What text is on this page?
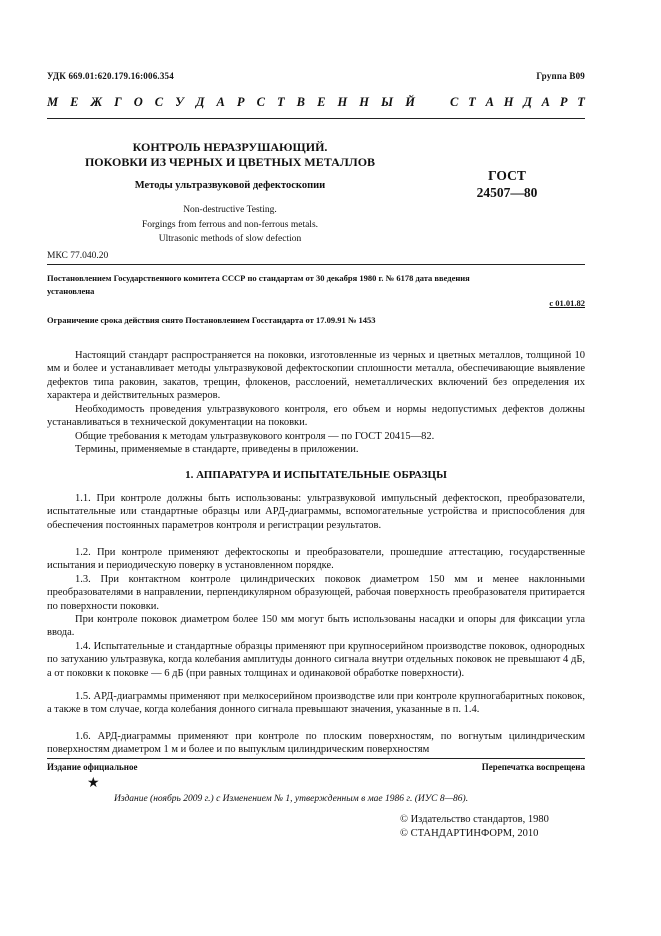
УДК 669.01:620.179.16:006.354	Группа В09
М Е Ж Г О С У Д А Р С Т В Е Н Н Ы Й	С Т А Н Д А Р Т
КОНТРОЛЬ НЕРАЗРУШАЮЩИЙ.
ПОКОВКИ ИЗ ЧЕРНЫХ И ЦВЕТНЫХ МЕТАЛЛОВ
Методы ультразвуковой дефектоскопии
ГОСТ
24507—80
Non-destructive Testing.
Forgings from ferrous and non-ferrous metals.
Ultrasonic methods of slow defection
МКС 77.040.20
Постановлением Государственного комитета СССР по стандартам от 30 декабря 1980 г. № 6178 дата введения
установлена
с 01.01.82
Ограничение срока действия снято Постановлением Госстандарта от 17.09.91 № 1453
Настоящий стандарт распространяется на поковки, изготовленные из черных и цветных металлов, толщиной 10 мм и более и устанавливает методы ультразвуковой дефектоскопии сплошности металла, обеспечивающие выявление дефектов типа раковин, закатов, трещин, флокенов, расслоений, неметаллических включений без определения их характера и действительных размеров.
Необходимость проведения ультразвукового контроля, его объем и нормы недопустимых дефектов должны устанавливаться в технической документации на поковки.
Общие требования к методам ультразвукового контроля — по ГОСТ 20415—82.
Термины, применяемые в стандарте, приведены в приложении.
1. АППАРАТУРА И ИСПЫТАТЕЛЬНЫЕ ОБРАЗЦЫ
1.1. При контроле должны быть использованы: ультразвуковой импульсный дефектоскоп, преобразователи, испытательные или стандартные образцы или АРД-диаграммы, вспомогательные устройства и приспособления для обеспечения постоянных параметров контроля и регистрации результатов.
1.2. При контроле применяют дефектоскопы и преобразователи, прошедшие аттестацию, государственные испытания и периодическую поверку в установленном порядке.
1.3. При контактном контроле цилиндрических поковок диаметром 150 мм и менее наклонными преобразователями в направлении, перпендикулярном образующей, рабочая поверхность преобразователя притирается по поверхности поковки.
При контроле поковок диаметром более 150 мм могут быть использованы насадки и опоры для фиксации угла ввода.
1.4. Испытательные и стандартные образцы применяют при крупносерийном производстве поковок, однородных по затуханию ультразвука, когда колебания амплитуды донного сигнала внутри отдельных поковок не превышают 4 дБ, а от поковки к поковке — 6 дБ (при равных толщинах и одинаковой обработке поверхности).
1.5. АРД-диаграммы применяют при мелкосерийном производстве или при контроле крупногабаритных поковок, а также в том случае, когда колебания донного сигнала превышают значения, указанные в п. 1.4.
1.6. АРД-диаграммы применяют при контроле по плоским поверхностям, по вогнутым цилиндрическим поверхностям диаметром 1 м и более и по выпуклым цилиндрическим поверхностям
Издание официальное	Перепечатка воспрещена
★
Издание (ноябрь 2009 г.) с Изменением № 1, утвержденным в мае 1986 г. (ИУС 8—86).
© Издательство стандартов, 1980
© СТАНДАРТИНФОРМ, 2010
